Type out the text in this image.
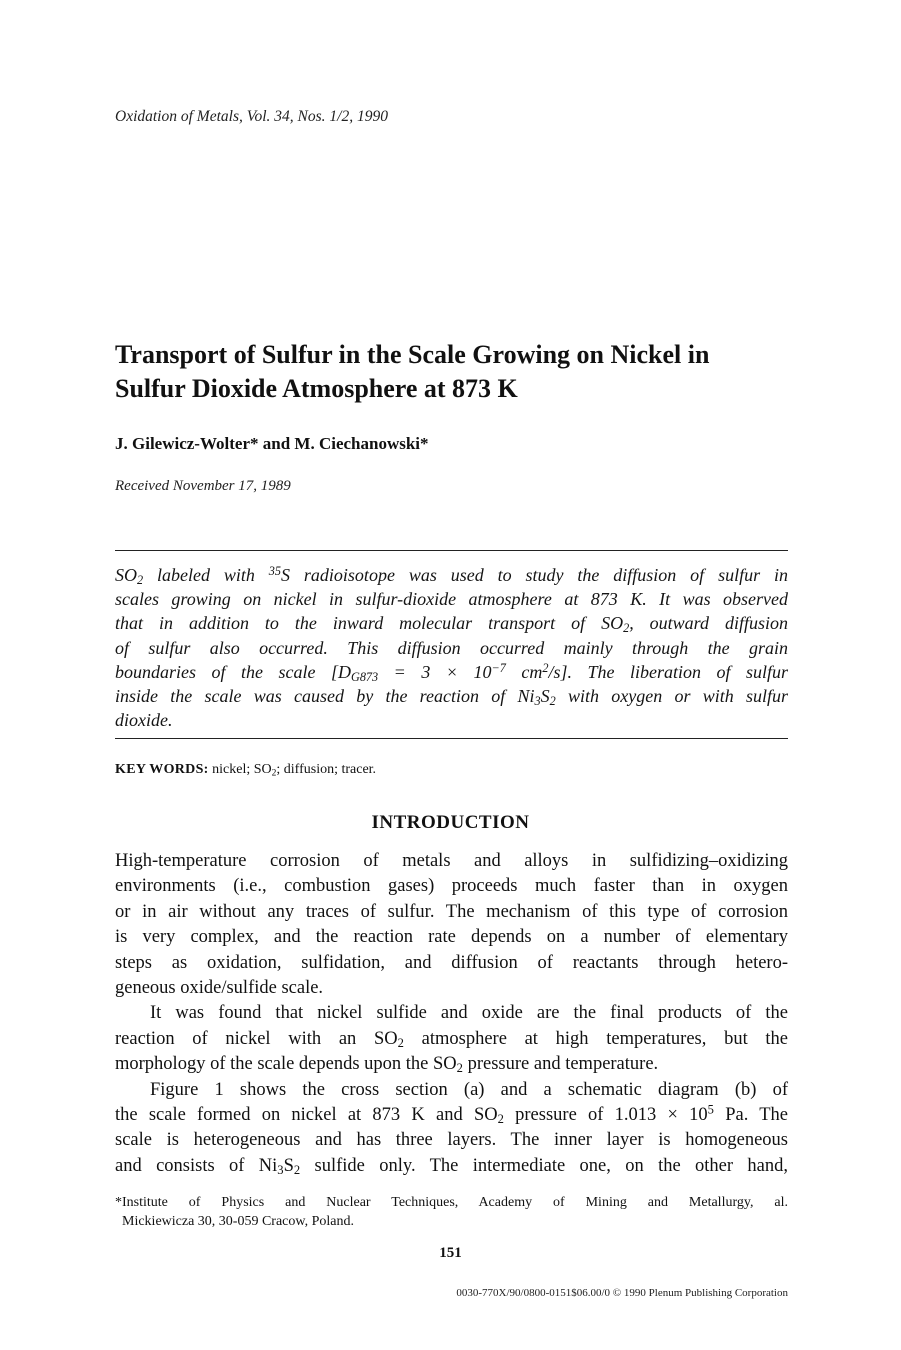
Oxidation of Metals, Vol. 34, Nos. 1/2, 1990
Transport of Sulfur in the Scale Growing on Nickel in
Sulfur Dioxide Atmosphere at 873 K
J. Gilewicz-Wolter* and M. Ciechanowski*
Received November 17, 1989
$SO_2$ labeled with $^{35}$S radioisotope was used to study the diffusion of sulfur in
scales growing on nickel in sulfur-dioxide atmosphere at 873 K. It was observed
that in addition to the inward molecular transport of $SO_2$, outward diffusion
of sulfur also occurred. This diffusion occurred mainly through the grain
boundaries of the scale [$D_{G873} = 3 \times 10^{-7}$ $cm^2/s$]. The liberation of sulfur
inside the scale was caused by the reaction of $Ni_3S_2$ with oxygen or with sulfur
dioxide.
KEY WORDS: nickel; $SO_2$; diffusion; tracer.
INTRODUCTION
High-temperature corrosion of metals and alloys in sulfidizing–oxidizing
environments (i.e., combustion gases) proceeds much faster than in oxygen
or in air without any traces of sulfur. The mechanism of this type of corrosion
is very complex, and the reaction rate depends on a number of elementary
steps as oxidation, sulfidation, and diffusion of reactants through hetero-
geneous oxide/sulfide scale.
It was found that nickel sulfide and oxide are the final products of the
reaction of nickel with an $SO_2$ atmosphere at high temperatures, but the
morphology of the scale depends upon the $SO_2$ pressure and temperature.
Figure 1 shows the cross section (a) and a schematic diagram (b) of
the scale formed on nickel at 873 K and $SO_2$ pressure of $1.013 \times 10^5$ Pa. The
scale is heterogeneous and has three layers. The inner layer is homogeneous
and consists of $Ni_3S_2$ sulfide only. The intermediate one, on the other hand,
*Institute of Physics and Nuclear Techniques, Academy of Mining and Metallurgy, al.
Mickiewicza 30, 30-059 Cracow, Poland.
151
0030-770X/90/0800-0151$06.00/0 © 1990 Plenum Publishing Corporation
